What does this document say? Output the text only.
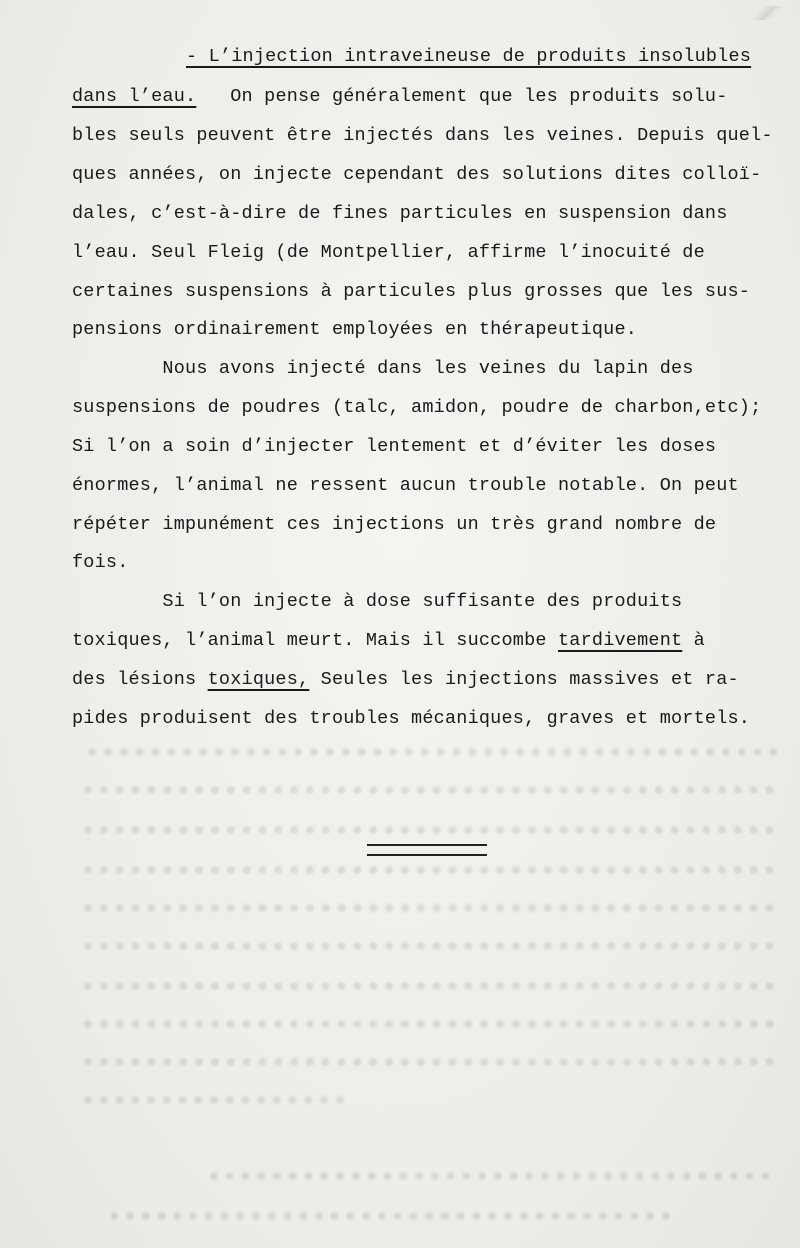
- L’injection intraveineuse de produits insolubles
dans l’eau.   On pense généralement que les produits solu-
bles seuls peuvent être injectés dans les veines. Depuis quel-
ques années, on injecte cependant des solutions dites colloï-
dales, c’est-à-dire de fines particules en suspension dans
l’eau. Seul Fleig (de Montpellier, affirme l’inocuité de
certaines suspensions à particules plus grosses que les sus-
pensions ordinairement employées en thérapeutique.
Nous avons injecté dans les veines du lapin des
suspensions de poudres (talc, amidon, poudre de charbon,etc);
Si l’on a soin d’injecter lentement et d’éviter les doses
énormes, l’animal ne ressent aucun trouble notable. On peut
répéter impunément ces injections un très grand nombre de
fois.
Si l’on injecte à dose suffisante des produits
toxiques, l’animal meurt. Mais il succombe tardivement à
des lésions toxiques, Seules les injections massives et ra-
pides produisent des troubles mécaniques, graves et mortels.
